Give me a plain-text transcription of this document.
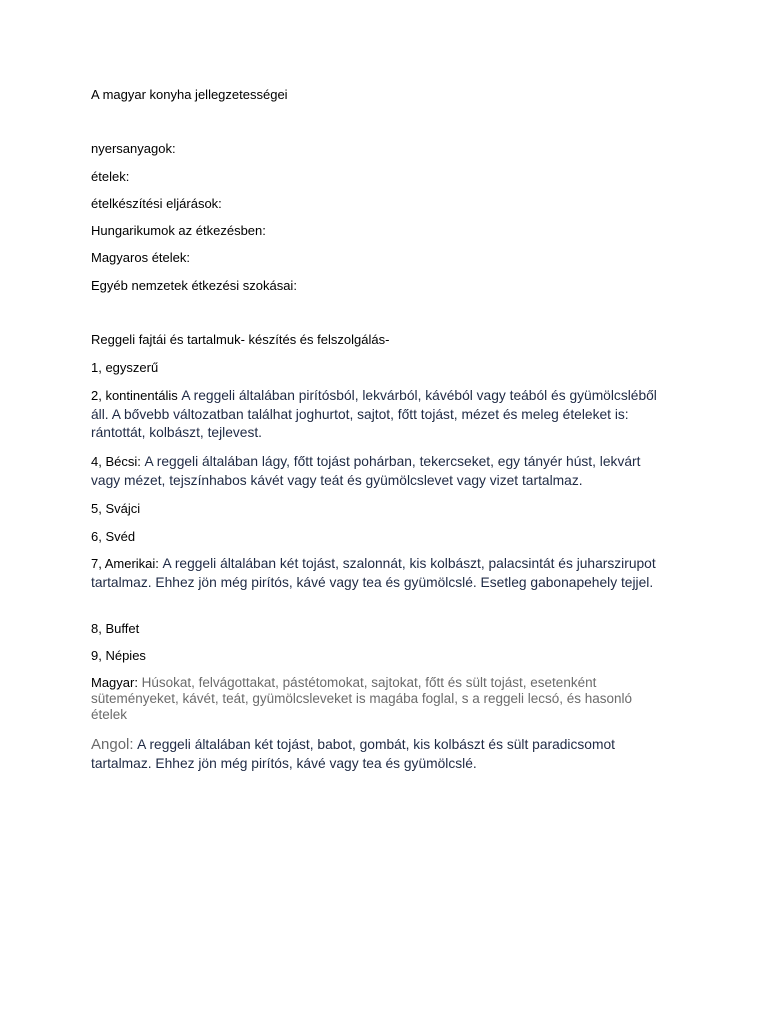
A magyar konyha jellegzetességei
nyersanyagok:
ételek:
ételkészítési eljárások:
Hungarikumok az étkezésben:
Magyaros ételek:
Egyéb nemzetek étkezési szokásai:
Reggeli fajtái és tartalmuk- készítés és felszolgálás-
1, egyszerű
2, kontinentális A reggeli általában pirítósból, lekvárból, kávéból vagy teából és gyümölcsléből áll. A bővebb változatban találhat joghurtot, sajtot, főtt tojást, mézet és meleg ételeket is: rántottát, kolbászt, tejlevest.
4, Bécsi: A reggeli általában lágy, főtt tojást pohárban, tekercseket, egy tányér húst, lekvárt vagy mézet, tejszínhabos kávét vagy teát és gyümölcslevet vagy vizet tartalmaz.
5, Svájci
6, Svéd
7, Amerikai: A reggeli általában két tojást, szalonnát, kis kolbászt, palacsintát és juharszirupot tartalmaz. Ehhez jön még pirítós, kávé vagy tea és gyümölcslé. Esetleg gabonapehely tejjel.
8, Buffet
9, Népies
Magyar: Húsokat, felvágottakat, pástétomokat, sajtokat, főtt és sült tojást, esetenként süteményeket, kávét, teát, gyümölcsleveket is magába foglal, s a reggeli lecsó, és hasonló ételek
Angol: A reggeli általában két tojást, babot, gombát, kis kolbászt és sült paradicsomot tartalmaz. Ehhez jön még pirítós, kávé vagy tea és gyümölcslé.
